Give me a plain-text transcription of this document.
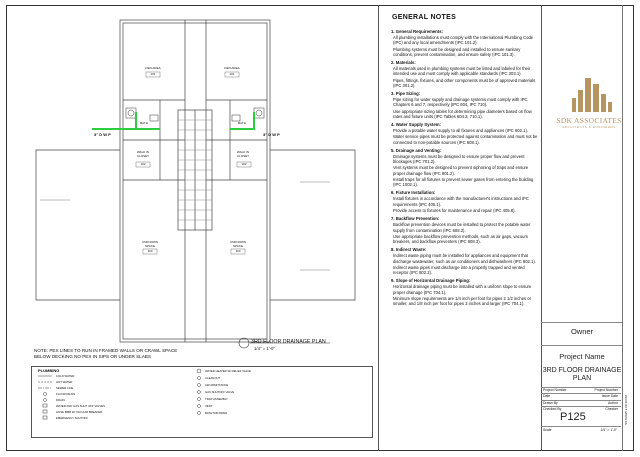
DEN AREA	DEN AREA
BATH	BATH
WALK IN CLOSET
WALK IN CLOSET
UNKNOWN SPACE
UNKNOWN SPACE
101	101
102	102
103	103
3" D W P	3" D W P
3RD FLOOR DRAINAGE PLAN
1/4" = 1'-0"
NOTE: PEX LINES TO RUN IN FRAMED WALLS OR CRAWL SPACE BELOW DECKING NO PEX IN SIPS OR UNDER SLABS
PLUMBING
COLD WATER
HOT WATER
SEWER LINE
FLOOR DRAIN
DRAIN
WATER AND GAS SHUT OFF VALVES
HOSE BIBB W/ VACUUM BREAKER
EMERGENCY SHUTOFF
WATER HEATER W/ RELIEF VALVE
CLEANOUT
AIR ADMITTANCE
GAS SHUTOFF VALVE
TRAP ASSEMBLY
VENT
BATHTUB DRAIN
GENERAL NOTES
1. General Requirements:

All plumbing installations must comply with the International Plumbing Code (IPC) and any local amendments (IPC 101.2).

Plumbing systems must be designed and installed to ensure sanitary conditions, prevent contamination, and ensure safety (IPC 101.3).

2. Materials:

All materials used in plumbing systems must be listed and labeled for their intended use and must comply with applicable standards (IPC 303.1).

Pipes, fittings, fixtures, and other components must be of approved materials (IPC 301.2).

3. Pipe Sizing:

Pipe sizing for water supply and drainage systems must comply with IPC Chapters 6 and 7, respectively (IPC 604, IPC 710).

Use appropriate sizing tables for determining pipe diameters based on flow rates and fixture units (IPC Tables 604.3, 710.1).

4. Water Supply System:

Provide a potable water supply to all fixtures and appliances (IPC 602.1).

Water service pipes must be protected against contamination and must not be connected to non-potable sources (IPC 608.1).

5. Drainage and Venting:

Drainage systems must be designed to ensure proper flow and prevent blockages (IPC 701.2).

Vent systems must be designed to prevent siphoning of traps and ensure proper drainage flow (IPC 901.2).

Install traps for all fixtures to prevent sewer gases from entering the building (IPC 1002.1).

6. Fixture Installation:

Install fixtures in accordance with the manufacturer's instructions and IPC requirements (IPC 405.1).

Provide access to fixtures for maintenance and repair (IPC 405.8).

7. Backflow Prevention:

Backflow prevention devices must be installed to protect the potable water supply from contamination (IPC 608.2).

Use appropriate backflow prevention methods, such as air gaps, vacuum breakers, and backflow preventers (IPC 608.3).

8. Indirect Waste:

Indirect waste piping must be installed for appliances and equipment that discharge wastewater, such as air conditioners and dishwashers (IPC 802.1).

Indirect waste pipes must discharge into a properly trapped and vented receptor (IPC 802.2).

9. Slope of Horizontal Drainage Piping:

Horizontal drainage piping must be installed with a uniform slope to ensure proper drainage (IPC 704.1).

Minimum slope requirements are 1/4 inch per foot for pipes 2 1/2 inches or smaller, and 1/8 inch per foot for pipes 3 inches and larger (IPC 704.1).

SDK ASSOCIATES
ARCHITECTS & ENGINEERS
Owner
Project Name
3RD FLOOR DRAINAGE PLAN
Project Number	Project Number
Date	Issue Date
Drawn By	Author
Checked By	Checker
P125
Scale	1/4" = 1'-0"
5/17/2025 1:00:40 PM
